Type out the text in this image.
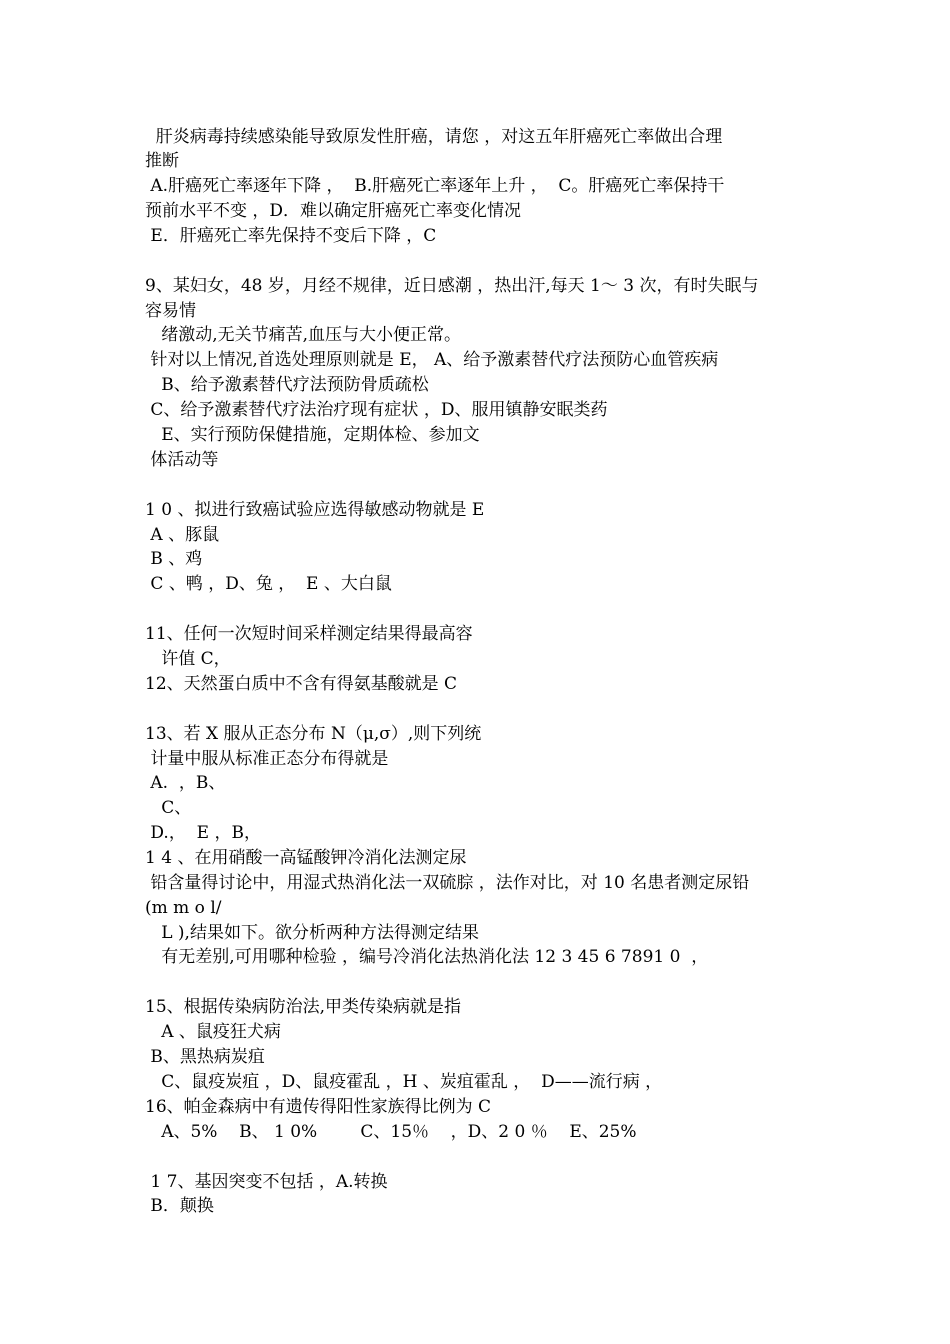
肝炎病毒持续感染能导致原发性肝癌，请您 ，对这五年肝癌死亡率做出合理

推断

A.肝癌死亡率逐年下降 ，  B.肝癌死亡率逐年上升 ，  C。肝癌死亡率保持干

预前水平不变 ，D．难以确定肝癌死亡率变化情况

E．肝癌死亡率先保持不变后下降 ，C

9、某妇女，48 岁，月经不规律，近日感潮 ，热出汗,每天 1～ 3 次，有时失眠与

容易情

绪激动,无关节痛苦,血压与大小便正常。

针对以上情况,首选处理原则就是 E， A、给予激素替代疗法预防心血管疾病

B、给予激素替代疗法预防骨质疏松

C、给予激素替代疗法治疗现有症状 ，D、服用镇静安眠类药

E、实行预防保健措施，定期体检、参加文

体活动等

1 0 、拟进行致癌试验应选得敏感动物就是 E

A 、豚鼠

B 、鸡

C 、鸭 ，D、兔 ，  E 、大白鼠

11、任何一次短时间采样测定结果得最高容

许值 C，

12、天然蛋白质中不含有得氨基酸就是 C

13、若 X 服从正态分布 N（μ,σ）,则下列统

计量中服从标准正态分布得就是

A.  ，B、

C、

D.，  E ，B，

1 4 、在用硝酸一高锰酸钾冷消化法测定尿

铅含量得讨论中，用湿式热消化法一双硫腙 ，法作对比，对 10 名患者测定尿铅

(m m o l/

L ),结果如下。欲分析两种方法得测定结果

有无差别,可用哪种检验 ，编号冷消化法热消化法 12 3 45 6 7891 0  ，

15、根据传染病防治法,甲类传染病就是指

A 、鼠疫狂犬病

B、黑热病炭疽

C、鼠疫炭疽 ，D、鼠疫霍乱 ，H 、炭疽霍乱 ，  D——流行病 ，

16、帕金森病中有遗传得阳性家族得比例为 C

A、5%    B、 1 0%        C、15％    ，D、2 0 ％    E、25%

1 7、基因突变不包括 ，A.转换

B．颠换
